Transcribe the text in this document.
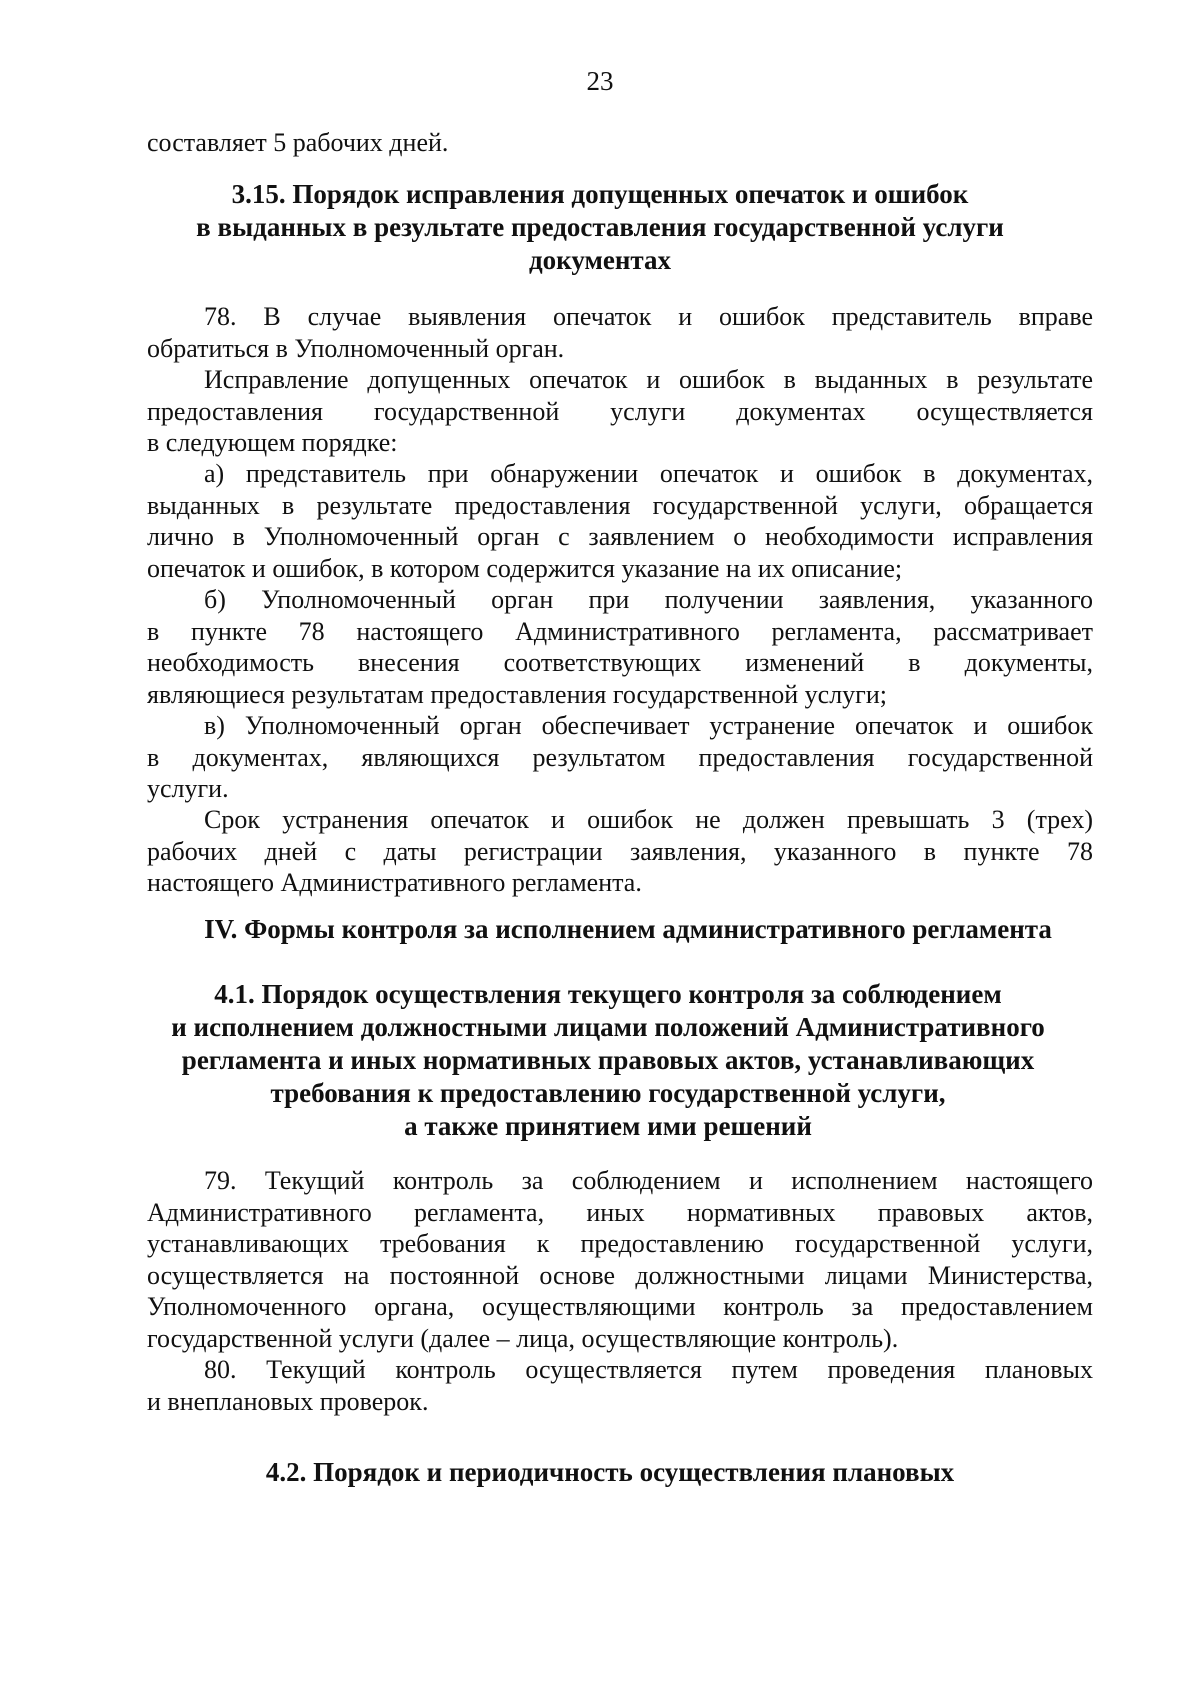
23

составляет 5 рабочих дней.

3.15. Порядок исправления допущенных опечаток и ошибок

в выданных в результате предоставления государственной услуги

документах

78. В случае выявления опечаток и ошибок представитель вправе

обратиться в Уполномоченный орган.

Исправление допущенных опечаток и ошибок в выданных в результате

предоставления государственной услуги документах осуществляется

в следующем порядке:

а) представитель при обнаружении опечаток и ошибок в документах,

выданных в результате предоставления государственной услуги, обращается

лично в Уполномоченный орган с заявлением о необходимости исправления

опечаток и ошибок, в котором содержится указание на их описание;

б) Уполномоченный орган при получении заявления, указанного

в пункте 78 настоящего Административного регламента, рассматривает

необходимость внесения соответствующих изменений в документы,

являющиеся результатам предоставления государственной услуги;

в) Уполномоченный орган обеспечивает устранение опечаток и ошибок

в документах, являющихся результатом предоставления государственной

услуги.

Срок устранения опечаток и ошибок не должен превышать 3 (трех)

рабочих дней с даты регистрации заявления, указанного в пункте 78

настоящего Административного регламента.

IV. Формы контроля за исполнением административного регламента

4.1. Порядок осуществления текущего контроля за соблюдением

и исполнением должностными лицами положений Административного

регламента и иных нормативных правовых актов, устанавливающих

требования к предоставлению государственной услуги,

а также принятием ими решений

79. Текущий контроль за соблюдением и исполнением настоящего

Административного регламента, иных нормативных правовых актов,

устанавливающих требования к предоставлению государственной услуги,

осуществляется на постоянной основе должностными лицами Министерства,

Уполномоченного органа, осуществляющими контроль за предоставлением

государственной услуги (далее – лица, осуществляющие контроль).

80. Текущий контроль осуществляется путем проведения плановых

и внеплановых проверок.

4.2. Порядок и периодичность осуществления плановых
